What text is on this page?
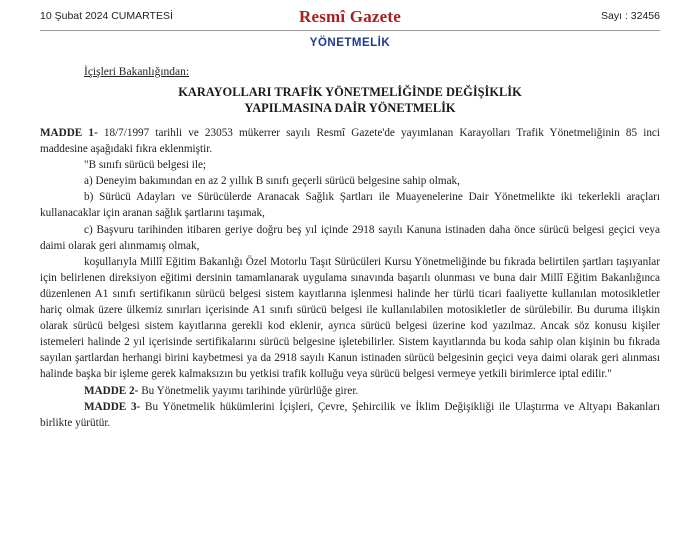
10 Şubat 2024 CUMARTESİ	Resmî Gazete	Sayı : 32456
YÖNETMELİK
İçişleri Bakanlığından:
KARAYOLLARI TRAFİK YÖNETMELİĞİNDE DEĞİŞİKLİK
YAPILMASINA DAİR YÖNETMELİK

MADDE 1- 18/7/1997 tarihli ve 23053 mükerrer sayılı Resmî Gazete'de yayımlanan Karayolları Trafik Yönetmeliğinin 85 inci maddesine aşağıdaki fıkra eklenmiştir.

"B sınıfı sürücü belgesi ile;

a) Deneyim bakımından en az 2 yıllık B sınıfı geçerli sürücü belgesine sahip olmak,

b) Sürücü Adayları ve Sürücülerde Aranacak Sağlık Şartları ile Muayenelerine Dair Yönetmelikte iki tekerlekli araçları kullanacaklar için aranan sağlık şartlarını taşımak,

c) Başvuru tarihinden itibaren geriye doğru beş yıl içinde 2918 sayılı Kanuna istinaden daha önce sürücü belgesi geçici veya daimi olarak geri alınmamış olmak,

koşullarıyla Millî Eğitim Bakanlığı Özel Motorlu Taşıt Sürücüleri Kursu Yönetmeliğinde bu fıkrada belirtilen şartları taşıyanlar için belirlenen direksiyon eğitimi dersinin tamamlanarak uygulama sınavında başarılı olunması ve buna dair Millî Eğitim Bakanlığınca düzenlenen A1 sınıfı sertifikanın sürücü belgesi sistem kayıtlarına işlenmesi halinde her türlü ticari faaliyette kullanılan motosikletler hariç olmak üzere ülkemiz sınırları içerisinde A1 sınıfı sürücü belgesi ile kullanılabilen motosikletler de sürülebilir. Bu duruma ilişkin olarak sürücü belgesi sistem kayıtlarına gerekli kod eklenir, ayrıca sürücü belgesi üzerine kod yazılmaz. Ancak söz konusu kişiler istemeleri halinde 2 yıl içerisinde sertifikalarını sürücü belgesine işletebilirler. Sistem kayıtlarında bu koda sahip olan kişinin bu fıkrada sayılan şartlardan herhangi birini kaybetmesi ya da 2918 sayılı Kanun istinaden sürücü belgesinin geçici veya daimi olarak geri alınması halinde başka bir işleme gerek kalmaksızın bu yetkisi trafik kolluğu veya sürücü belgesi vermeye yetkili birimlerce iptal edilir."

MADDE 2- Bu Yönetmelik yayımı tarihinde yürürlüğe girer.

MADDE 3- Bu Yönetmelik hükümlerini İçişleri, Çevre, Şehircilik ve İklim Değişikliği ile Ulaştırma ve Altyapı Bakanları birlikte yürütür.
